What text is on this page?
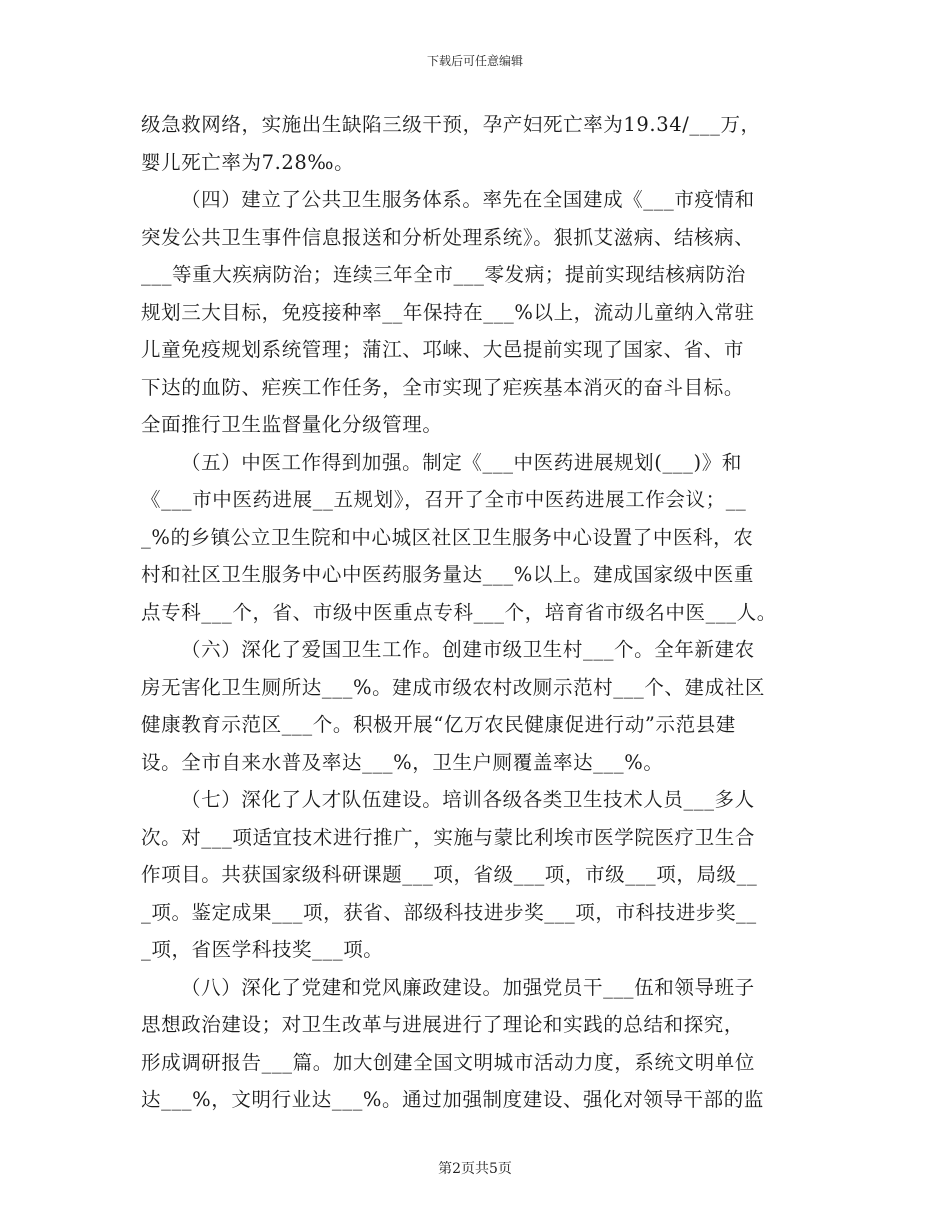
下载后可任意编辑
级急救网络，实施出生缺陷三级干预，孕产妇死亡率为19.34/___万，
婴儿死亡率为7.28‰。
（四）建立了公共卫生服务体系。率先在全国建成《___市疫情和
突发公共卫生事件信息报送和分析处理系统》。狠抓艾滋病、结核病、
___等重大疾病防治；连续三年全市___零发病；提前实现结核病防治
规划三大目标，免疫接种率__年保持在___%以上，流动儿童纳入常驻
儿童免疫规划系统管理；蒲江、邛崃、大邑提前实现了国家、省、市
下达的血防、疟疾工作任务，全市实现了疟疾基本消灭的奋斗目标。
全面推行卫生监督量化分级管理。
（五）中医工作得到加强。制定《___中医药进展规划(___)》和
《___市中医药进展__五规划》，召开了全市中医药进展工作会议；__
_%的乡镇公立卫生院和中心城区社区卫生服务中心设置了中医科，农
村和社区卫生服务中心中医药服务量达___%以上。建成国家级中医重
点专科___个，省、市级中医重点专科___个，培育省市级名中医___人。
（六）深化了爱国卫生工作。创建市级卫生村___个。全年新建农
房无害化卫生厕所达___%。建成市级农村改厕示范村___个、建成社区
健康教育示范区___个。积极开展“亿万农民健康促进行动”示范县建
设。全市自来水普及率达___%，卫生户厕覆盖率达___%。
（七）深化了人才队伍建设。培训各级各类卫生技术人员___多人
次。对___项适宜技术进行推广，实施与蒙比利埃市医学院医疗卫生合
作项目。共获国家级科研课题___项，省级___项，市级___项，局级__
_项。鉴定成果___项，获省、部级科技进步奖___项，市科技进步奖__
_项，省医学科技奖___项。
（八）深化了党建和党风廉政建设。加强党员干___伍和领导班子
思想政治建设；对卫生改革与进展进行了理论和实践的总结和探究，
形成调研报告___篇。加大创建全国文明城市活动力度，系统文明单位
达___%，文明行业达___%。通过加强制度建设、强化对领导干部的监
第2页共5页
